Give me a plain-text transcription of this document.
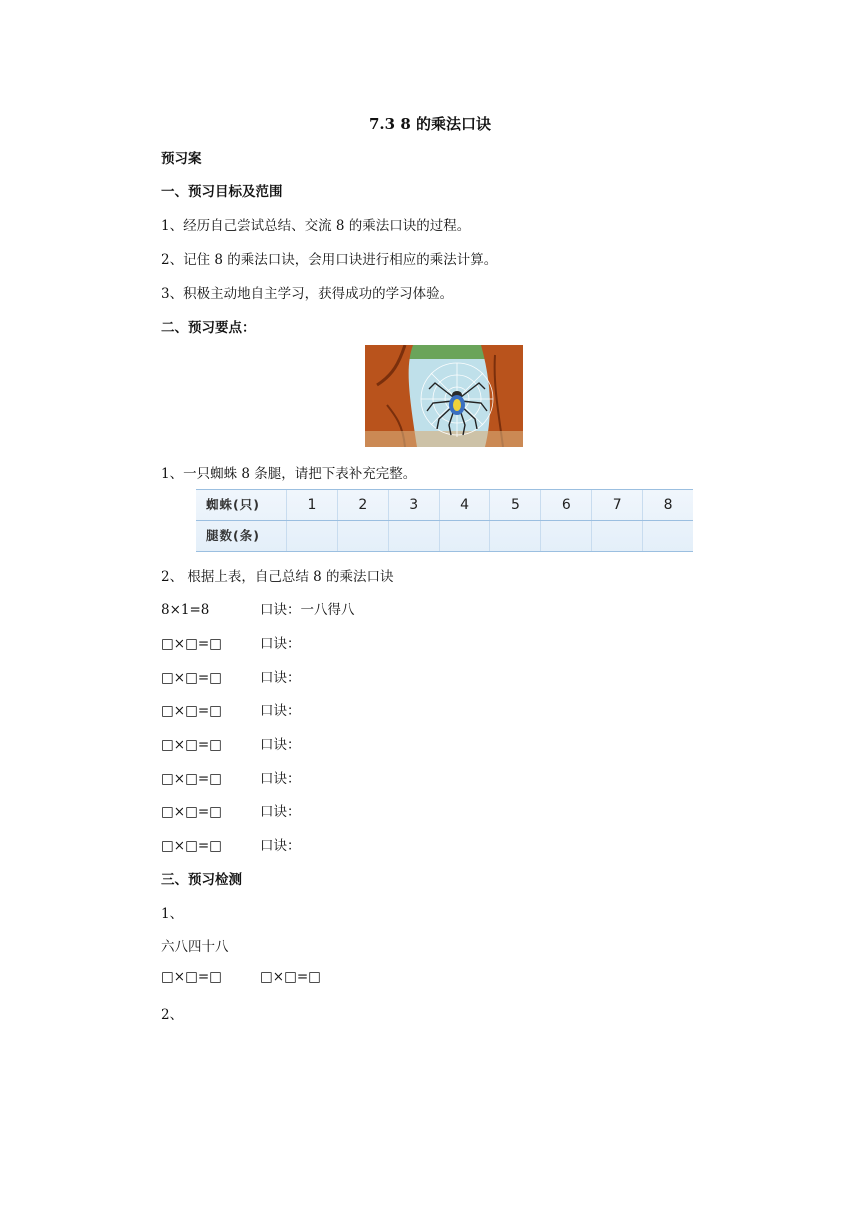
7.3 8 的乘法口诀
预习案
一、预习目标及范围
1、经历自己尝试总结、交流 8 的乘法口诀的过程。
2、记住 8 的乘法口诀，会用口诀进行相应的乘法计算。
3、积极主动地自主学习，获得成功的学习体验。
二、预习要点：
1、一只蜘蛛 8 条腿，请把下表补充完整。
蜘蛛(只)	1	2	3	4	5	6	7	8
腿数(条)
2、 根据上表，自己总结 8 的乘法口诀
8×1=8	口诀：一八得八
□×□=□	口诀：
□×□=□	口诀：
□×□=□	口诀：
□×□=□	口诀：
□×□=□	口诀：
□×□=□	口诀：
□×□=□	口诀：
三、预习检测
1、
六八四十八
□×□=□	□×□=□
2、
